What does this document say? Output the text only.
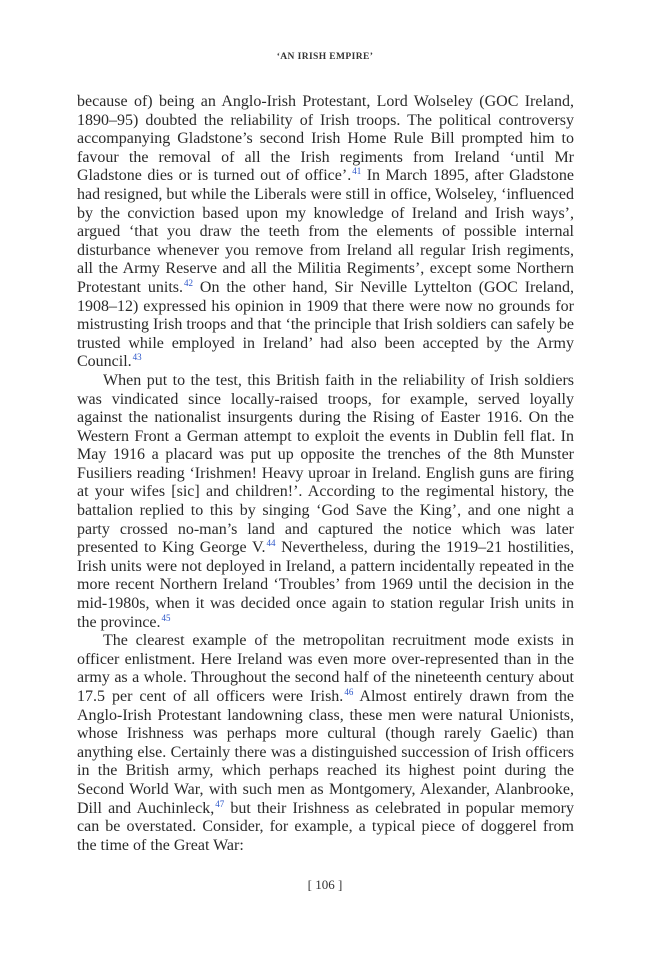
‘AN IRISH EMPIRE’

because of) being an Anglo-Irish Protestant, Lord Wolseley (GOC Ireland, 1890–95) doubted the reliability of Irish troops. The political controversy accompanying Gladstone’s second Irish Home Rule Bill prompted him to favour the removal of all the Irish regiments from Ireland ‘until Mr Gladstone dies or is turned out of office’.$^{41}$ In March 1895, after Gladstone had resigned, but while the Liberals were still in office, Wolseley, ‘influenced by the conviction based upon my knowledge of Ireland and Irish ways’, argued ‘that you draw the teeth from the elements of possible internal disturbance whenever you remove from Ireland all regular Irish regiments, all the Army Reserve and all the Militia Regiments’, except some Northern Protestant units.$^{42}$ On the other hand, Sir Neville Lyttelton (GOC Ireland, 1908–12) expressed his opinion in 1909 that there were now no grounds for mistrusting Irish troops and that ‘the principle that Irish soldiers can safely be trusted while employed in Ireland’ had also been accepted by the Army Council.$^{43}$

When put to the test, this British faith in the reliability of Irish soldiers was vindicated since locally-raised troops, for example, served loyally against the nationalist insurgents during the Rising of Easter 1916. On the Western Front a German attempt to exploit the events in Dublin fell flat. In May 1916 a placard was put up opposite the trenches of the 8th Munster Fusiliers reading ‘Irishmen! Heavy uproar in Ireland. English guns are firing at your wifes [sic] and children!’. According to the regimental history, the battalion replied to this by singing ‘God Save the King’, and one night a party crossed no-man’s land and captured the notice which was later presented to King George V.$^{44}$ Nevertheless, during the 1919–21 hostilities, Irish units were not deployed in Ireland, a pattern incidentally repeated in the more recent Northern Ireland ‘Troubles’ from 1969 until the decision in the mid-1980s, when it was decided once again to station regular Irish units in the province.$^{45}$

The clearest example of the metropolitan recruitment mode exists in officer enlistment. Here Ireland was even more over-represented than in the army as a whole. Throughout the second half of the nineteenth century about 17.5 per cent of all officers were Irish.$^{46}$ Almost entirely drawn from the Anglo-Irish Protestant landowning class, these men were natural Unionists, whose Irishness was perhaps more cultural (though rarely Gaelic) than anything else. Certainly there was a distinguished succession of Irish officers in the British army, which perhaps reached its highest point during the Second World War, with such men as Montgomery, Alexander, Alanbrooke, Dill and Auchinleck,$^{47}$ but their Irishness as celebrated in popular memory can be overstated. Consider, for example, a typical piece of doggerel from the time of the Great War:

[ 106 ]
